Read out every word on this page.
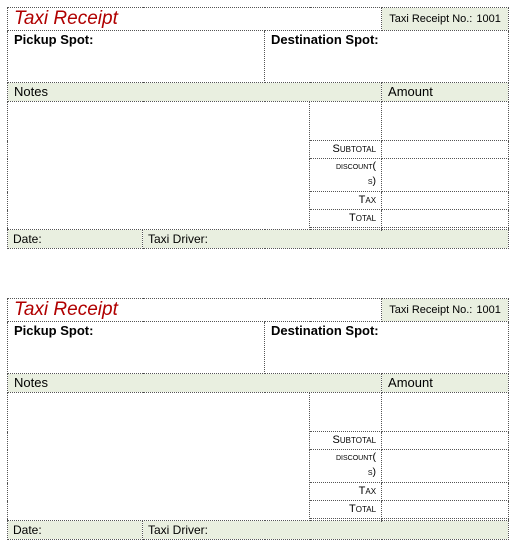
Taxi Receipt				Taxi Receipt No.: 1001
Pickup Spot:		Destination Spot:		
Notes				Amount

			Subtotal	
			discount(
s)	
			Tax	
			Total	

Date:	Taxi Driver:			
Taxi Receipt				Taxi Receipt No.: 1001
Pickup Spot:		Destination Spot:		
Notes				Amount

			Subtotal	
			discount(
s)	
			Tax	
			Total	

Date:	Taxi Driver:			
